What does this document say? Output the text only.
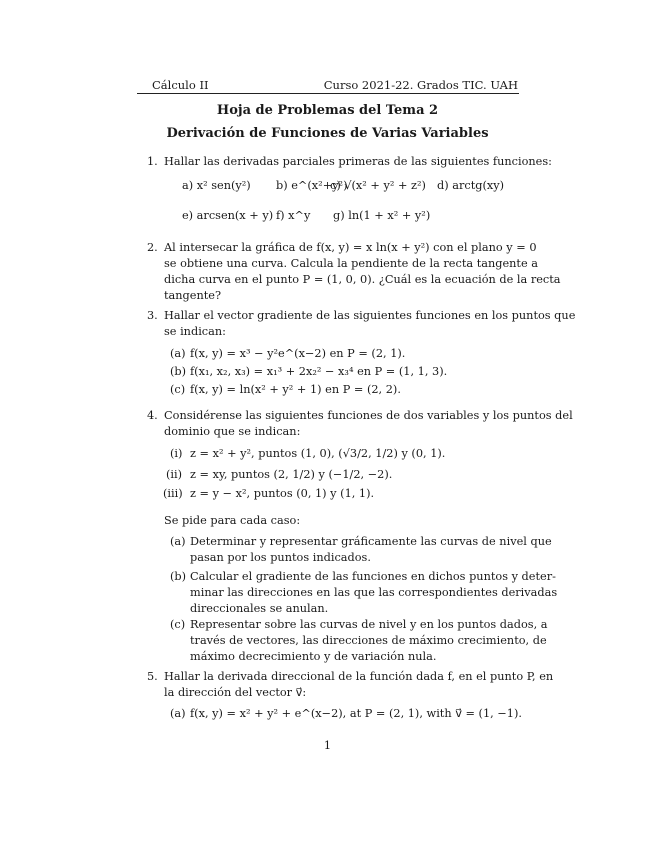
Cálculo II	Curso 2021-22. Grados TIC. UAH
Hoja de Problemas del Tema 2
Derivación de Funciones de Varias Variables
1. Hallar las derivadas parciales primeras de las siguientes funciones:
a) x² sen(y²) b) e^(x²+y²)
c) √(x² + y² + z²) d) arctg(xy)
e) arcsen(x + y) f) x^y g) ln(1 + x² + y²)
2. Al intersecar la gráfica de f(x, y) = x ln(x + y²) con el plano y = 0
se obtiene una curva. Calcula la pendiente de la recta tangente a
dicha curva en el punto P = (1, 0, 0). ¿Cuál es la ecuación de la recta
tangente?
3. Hallar el vector gradiente de las siguientes funciones en los puntos que
se indican:
(a) f(x, y) = x³ − y²e^(x−2) en P = (2, 1).
(b) f(x₁, x₂, x₃) = x₁³ + 2x₂² − x₃⁴ en P = (1, 1, 3).
(c) f(x, y) = ln(x² + y² + 1) en P = (2, 2).
4. Considérense las siguientes funciones de dos variables y los puntos del
dominio que se indican:
(i) z = x² + y², puntos (1, 0), (√3/2, 1/2) y (0, 1).
(ii) z = xy, puntos (2, 1/2) y (−1/2, −2).
(iii) z = y − x², puntos (0, 1) y (1, 1).
Se pide para cada caso:
(a) Determinar y representar gráficamente las curvas de nivel que
pasan por los puntos indicados.
(b) Calcular el gradiente de las funciones en dichos puntos y deter-
minar las direcciones en las que las correspondientes derivadas
direccionales se anulan.
(c) Representar sobre las curvas de nivel y en los puntos dados, a
través de vectores, las direcciones de máximo crecimiento, de
máximo decrecimiento y de variación nula.
5. Hallar la derivada direccional de la función dada f, en el punto P, en
la dirección del vector v⃗:
(a) f(x, y) = x² + y² + e^(x−2), at P = (2, 1), with v⃗ = (1, −1).
1
